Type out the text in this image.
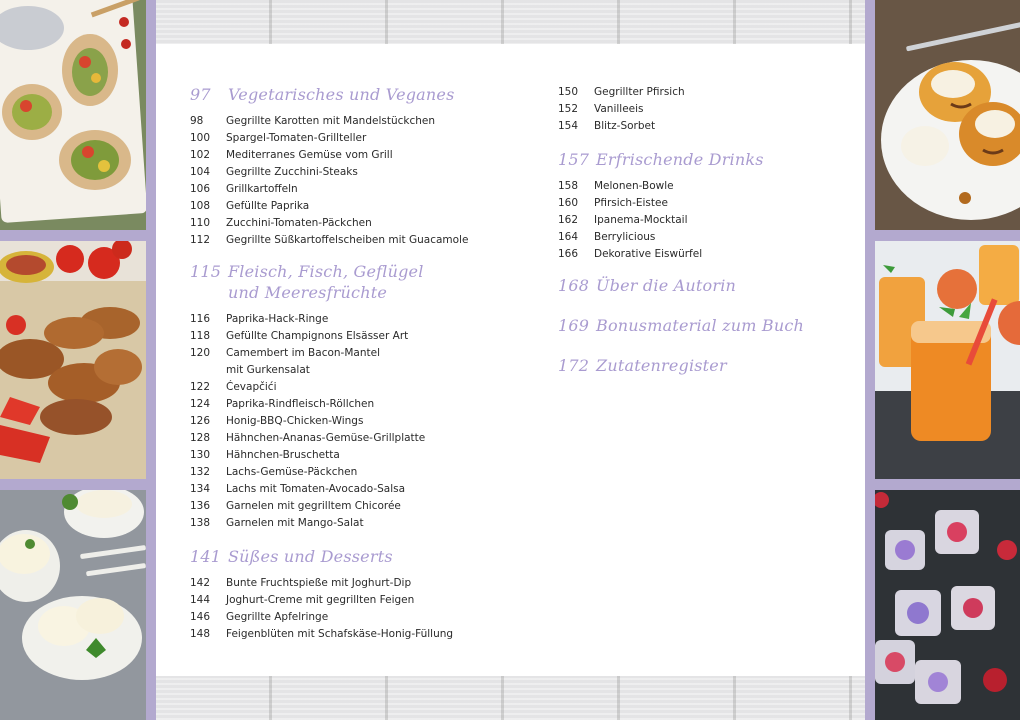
97	Vegetarisches und Veganes
98	Gegrillte Karotten mit Mandelstückchen
100	Spargel-Tomaten-Grillteller
102	Mediterranes Gemüse vom Grill
104	Gegrillte Zucchini-Steaks
106	Grillkartoffeln
108	Gefüllte Paprika
110	Zucchini-Tomaten-Päckchen
112	Gegrillte Süßkartoffelscheiben mit Guacamole
115 Fleisch, Fisch, Geflügel
und Meeresfrüchte
116	Paprika-Hack-Ringe
118	Gefüllte Champignons Elsässer Art
120	Camembert im Bacon-Mantel
mit Gurkensalat
122	Ćevapčići
124	Paprika-Rindfleisch-Röllchen
126	Honig-BBQ-Chicken-Wings
128	Hähnchen-Ananas-Gemüse-Grillplatte
130	Hähnchen-Bruschetta
132	Lachs-Gemüse-Päckchen
134	Lachs mit Tomaten-Avocado-Salsa
136	Garnelen mit gegrilltem Chicorée
138	Garnelen mit Mango-Salat
141 Süßes und Desserts
142	Bunte Fruchtspieße mit Joghurt-Dip
144	Joghurt-Creme mit gegrillten Feigen
146	Gegrillte Apfelringe
148	Feigenblüten mit Schafskäse-Honig-Füllung
150	Gegrillter Pfirsich
152	Vanilleeis
154	Blitz-Sorbet
157 Erfrischende Drinks
158	Melonen-Bowle
160	Pfirsich-Eistee
162	Ipanema-Mocktail
164	Berrylicious
166	Dekorative Eiswürfel
168 Über die Autorin
169 Bonusmaterial zum Buch
172 Zutatenregister
